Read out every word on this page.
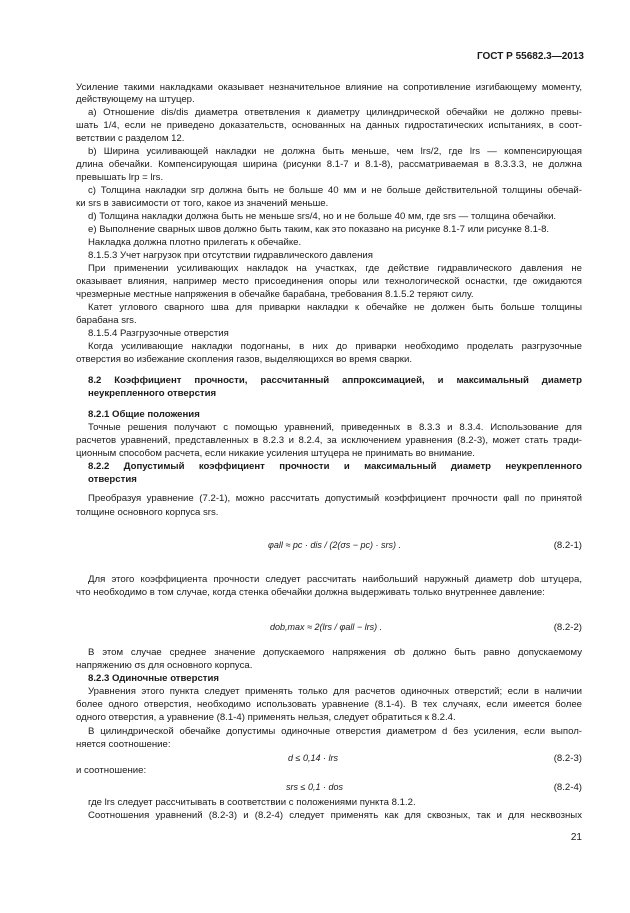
ГОСТ Р 55682.3—2013
Усиление такими накладками оказывает незначительное влияние на сопротивление изгибающему моменту,
действующему на штуцер.
а) Отношение dis/dis диаметра ответвления к диаметру цилиндрической обечайки не должно превы-
шать 1/4, если не приведено доказательств, основанных на данных гидростатических испытаниях, в соот-
ветствии с разделом 12.
b) Ширина усиливающей накладки не должна быть меньше, чем lrs/2, где lrs — компенсирующая
длина обечайки. Компенсирующая ширина (рисунки 8.1-7 и 8.1-8), рассматриваемая в 8.3.3.3, не должна
превышать lrp = lrs.
c) Толщина накладки srp должна быть не больше 40 мм и не больше действительной толщины обечай-
ки srs в зависимости от того, какое из значений меньше.
d) Толщина накладки должна быть не меньше srs/4, но и не больше 40 мм, где srs — толщина обечайки.
e) Выполнение сварных швов должно быть таким, как это показано на рисунке 8.1-7 или рисунке 8.1-8.
Накладка должна плотно прилегать к обечайке.
8.1.5.3 Учет нагрузок при отсутствии гидравлического давления
При применении усиливающих накладок на участках, где действие гидравлического давления не
оказывает влияния, например место присоединения опоры или технологической оснастки, где ожидаются
чрезмерные местные напряжения в обечайке барабана, требования 8.1.5.2 теряют силу.
Катет углового сварного шва для приварки накладки к обечайке не должен быть больше толщины
барабана srs.
8.1.5.4 Разгрузочные отверстия
Когда усиливающие накладки подогнаны, в них до приварки необходимо проделать разгрузочные
отверстия во избежание скопления газов, выделяющихся во время сварки.
8.2 Коэффициент прочности, рассчитанный аппроксимацией, и максимальный диаметр
неукрепленного отверстия
8.2.1 Общие положения
Точные решения получают с помощью уравнений, приведенных в 8.3.3 и 8.3.4. Использование для
расчетов уравнений, представленных в 8.2.3 и 8.2.4, за исключением уравнения (8.2-3), может стать тради-
ционным способом расчета, если никакие усиления штуцера не принимать во внимание.
8.2.2 Допустимый коэффициент прочности и максимальный диаметр неукрепленного
отверстия
Преобразуя уравнение (7.2-1), можно рассчитать допустимый коэффициент прочности φall по принятой
толщине основного корпуса srs.
Для этого коэффициента прочности следует рассчитать наибольший наружный диаметр dob штуцера,
что необходимо в том случае, когда стенка обечайки должна выдерживать только внутреннее давление:
В этом случае среднее значение допускаемого напряжения σb должно быть равно допускаемому
напряжению σs для основного корпуса.
8.2.3 Одиночные отверстия
Уравнения этого пункта следует применять только для расчетов одиночных отверстий; если в наличии
более одного отверстия, необходимо использовать уравнение (8.1-4). В тех случаях, если имеется более
одного отверстия, а уравнение (8.1-4) применять нельзя, следует обратиться к 8.2.4.
В цилиндрической обечайке допустимы одиночные отверстия диаметром d без усиления, если выпол-
няется соотношение:
и соотношение:
где lrs следует рассчитывать в соответствии с положениями пункта 8.1.2.
Соотношения уравнений (8.2-3) и (8.2-4) следует применять как для сквозных, так и для несквозных
φall ≈ pc · dis / (2(σs − pc) · srs) .	(8.2-1)
dob,max ≈ 2(lrs / φall − lrs) .	(8.2-2)
d ≤ 0,14 · lrs	(8.2-3)
srs ≤ 0,1 · dos	(8.2-4)
21
